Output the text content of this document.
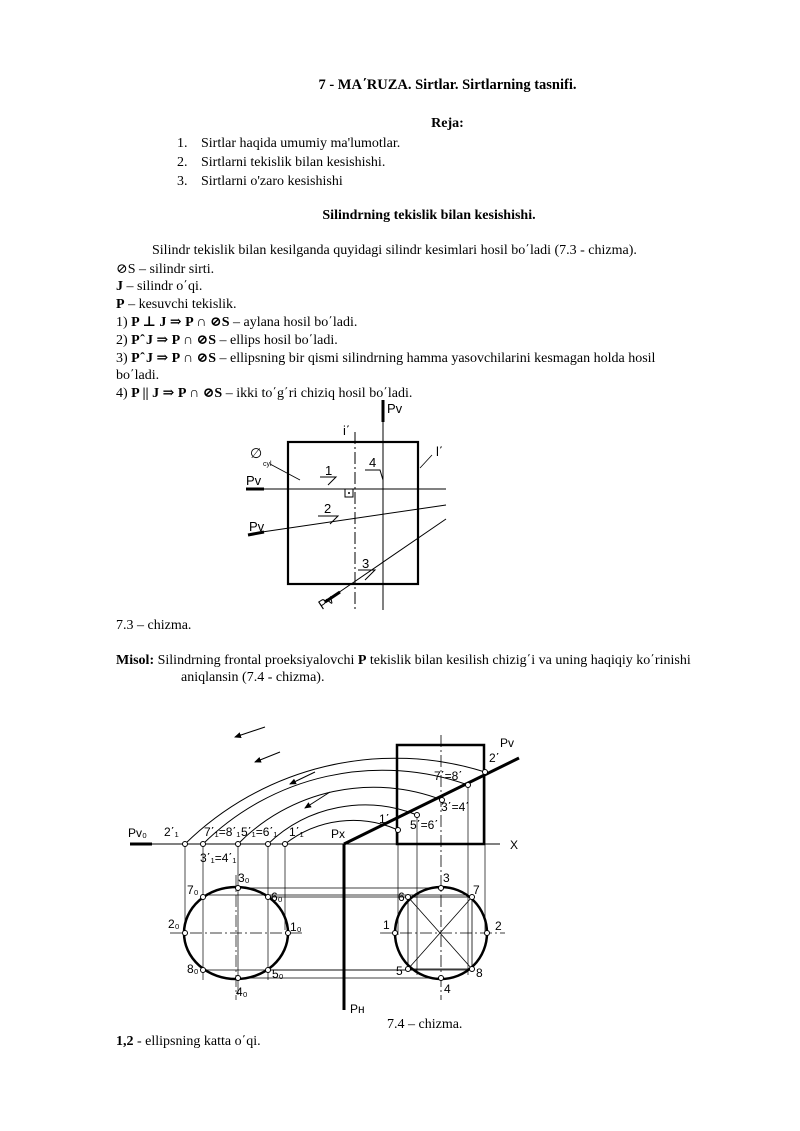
7 - MA΄RUZA. Sirtlar. Sirtlarning tasnifi.
Reja:
1. Sirtlar haqida umumiy ma'lumotlar.
2. Sirtlarni tekislik bilan kesishishi.
3. Sirtlarni o'zaro kesishishi
Silindrning tekislik bilan kesishishi.
Silindr tekislik bilan kesilganda quyidagi silindr kesimlari hosil bo΄ladi (7.3 - chizma).
⊘S – silindr sirti.
J – silindr o΄qi.
P – kesuvchi tekislik.
1) P ⊥ J ⇒ P ∩ ⊘S – aylana hosil bo΄ladi.
2) P ̂ J ⇒ P ∩ ⊘S – ellips hosil bo΄ladi.
3) P ̂ J ⇒ P ∩ ⊘S – ellipsning bir qismi silindrning hamma yasovchilarini kesmagan holda hosil
bo΄ladi.
4) P || J ⇒ P ∩ ⊘S – ikki to΄g΄ri chiziq hosil bo΄ladi.
Pv
i΄
l΄
∅
cyl
Pv
Pv
Pv
1
2
3
4
7.3 – chizma.
Misol: Silindrning frontal proeksiyalovchi P tekislik bilan kesilish chizig΄i va uning haqiqiy ko΄rinishi
aniqlansin (7.4 - chizma).
Pv₀
Pv
Px
X
Pн
2΄₁ 7΄₁=8΄₁ 5΄₁=6΄₁ 1΄₁
3΄₁=4΄₁
2΄
7΄=8΄
3΄=4΄
1΄ 5΄=6΄
3₀
7₀	6₀
2₀	1₀
8₀	5₀
4₀
3
7
6
2
1
5	8
4
7.4 – chizma.
1,2 - ellipsning katta o΄qi.
